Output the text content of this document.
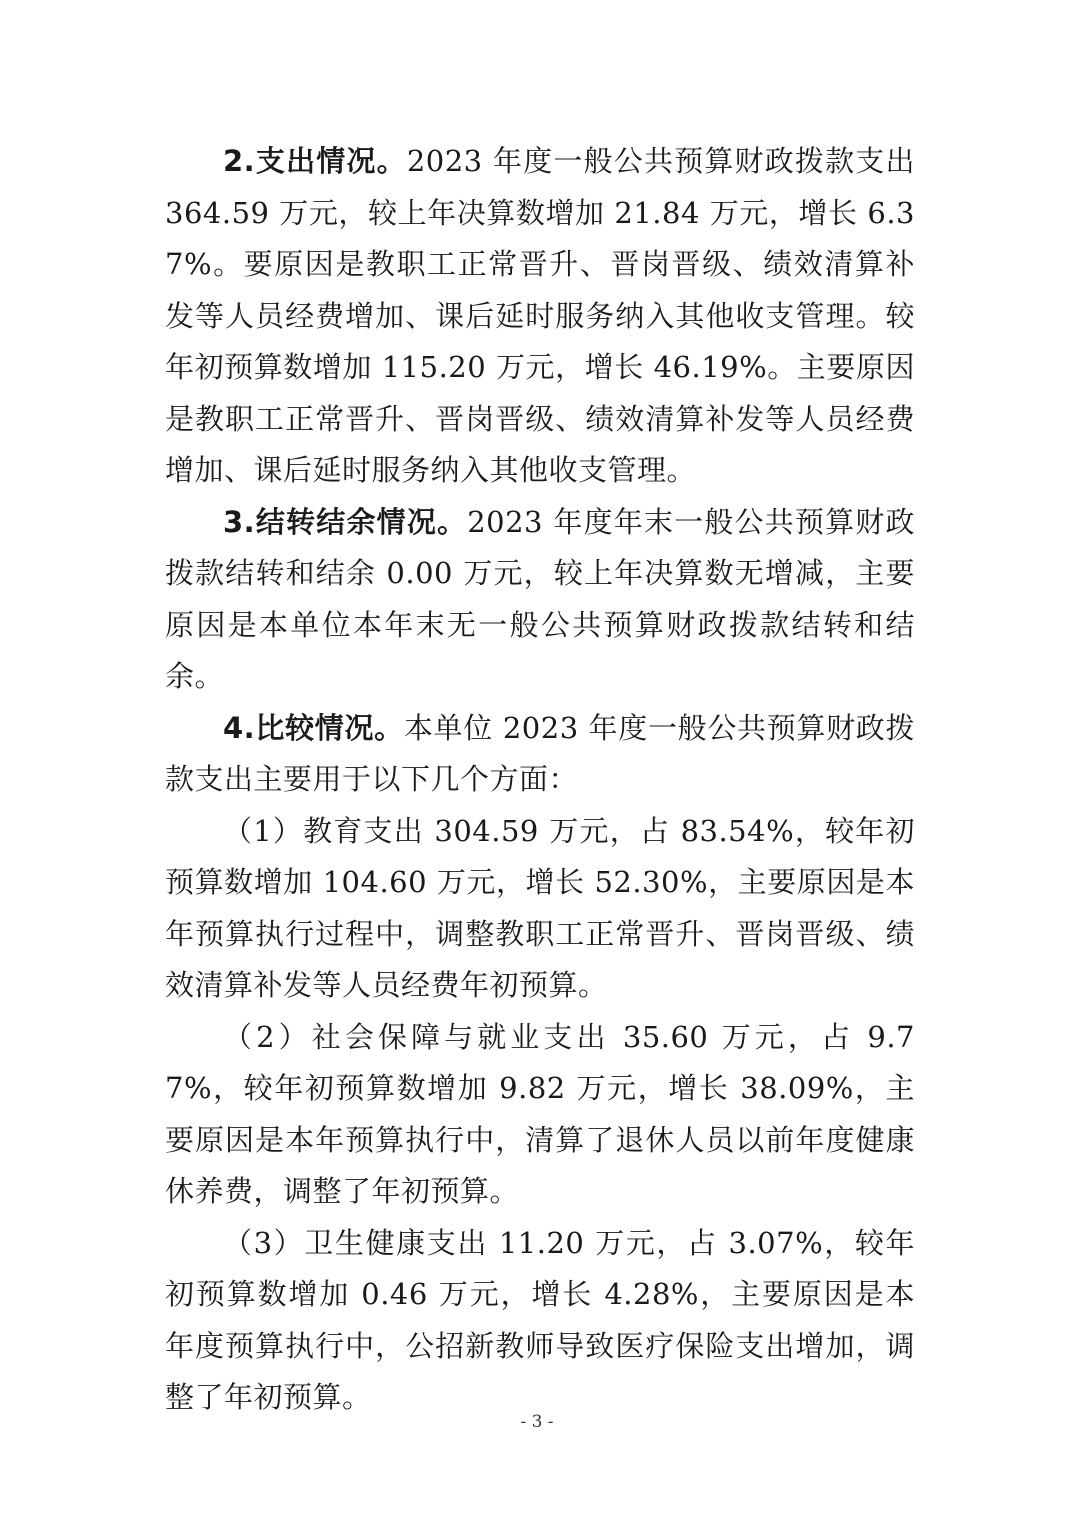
2.支出情况。2023 年度一般公共预算财政拨款支出 364.59 万元，较上年决算数增加 21.84 万元，增长 6.37%。要原因是教职工正常晋升、晋岗晋级、绩效清算补发等人员经费增加、课后延时服务纳入其他收支管理。较年初预算数增加 115.20 万元，增长 46.19%。主要原因是教职工正常晋升、晋岗晋级、绩效清算补发等人员经费增加、课后延时服务纳入其他收支管理。

3.结转结余情况。2023 年度年末一般公共预算财政拨款结转和结余 0.00 万元，较上年决算数无增减，主要原因是本单位本年末无一般公共预算财政拨款结转和结余。

4.比较情况。本单位 2023 年度一般公共预算财政拨款支出主要用于以下几个方面：

（1）教育支出 304.59 万元，占 83.54%，较年初预算数增加 104.60 万元，增长 52.30%，主要原因是本年预算执行过程中，调整教职工正常晋升、晋岗晋级、绩效清算补发等人员经费年初预算。

（2）社会保障与就业支出 35.60 万元，占 9.77%，较年初预算数增加 9.82 万元，增长 38.09%，主要原因是本年预算执行中，清算了退休人员以前年度健康休养费，调整了年初预算。

（3）卫生健康支出 11.20 万元，占 3.07%，较年初预算数增加 0.46 万元，增长 4.28%，主要原因是本年度预算执行中，公招新教师导致医疗保险支出增加，调整了年初预算。

- 3 -
